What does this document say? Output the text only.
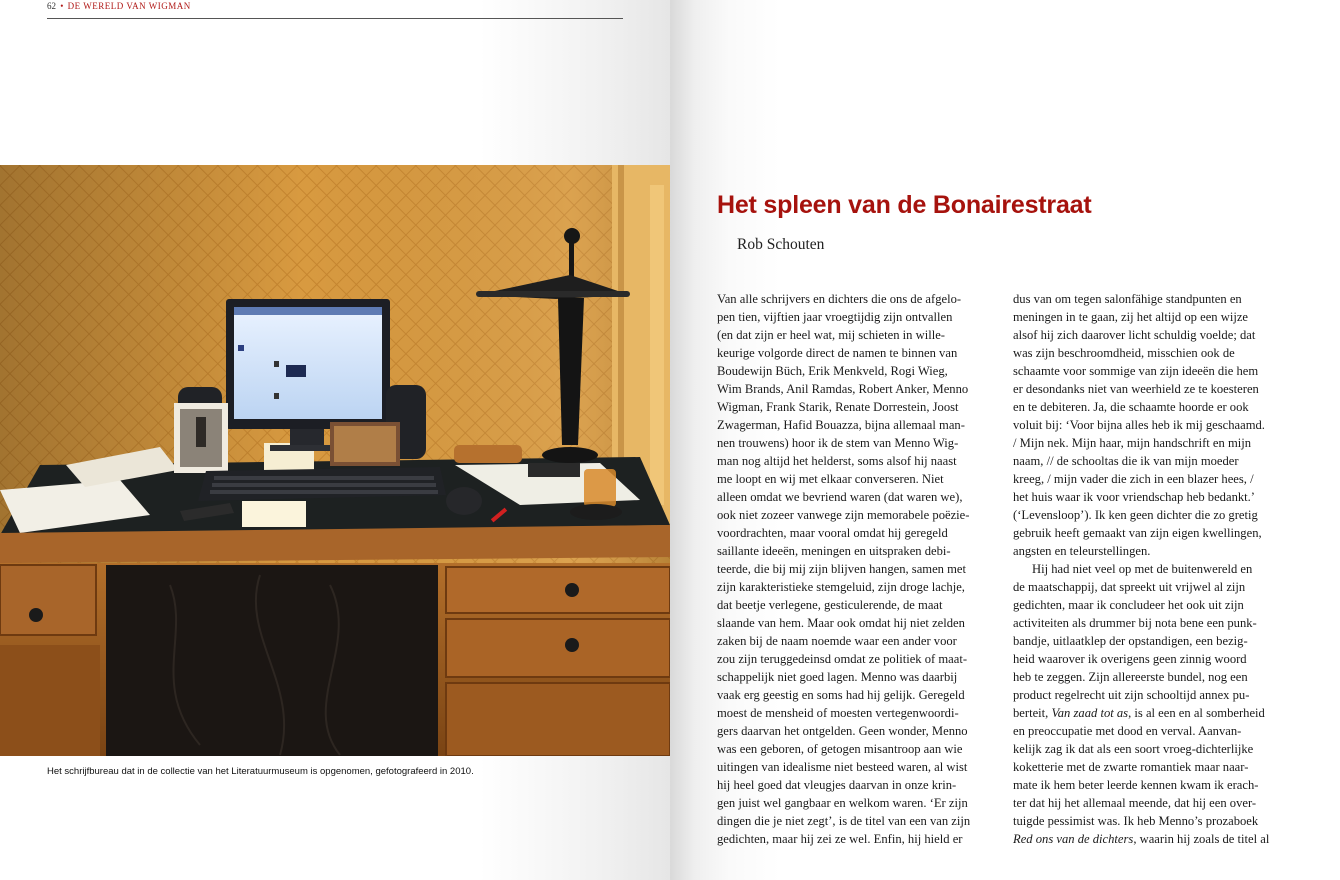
62 • DE WERELD VAN WIGMAN
Het schrijfbureau dat in de collectie van het Literatuurmuseum is opgenomen, gefotografeerd in 2010.
Het spleen van de Bonairestraat
Rob Schouten
Van alle schrijvers en dichters die ons de afgelo-
pen tien, vijftien jaar vroegtijdig zijn ontvallen
(en dat zijn er heel wat, mij schieten in wille-
keurige volgorde direct de namen te binnen van
Boudewijn Büch, Erik Menkveld, Rogi Wieg,
Wim Brands, Anil Ramdas, Robert Anker, Menno
Wigman, Frank Starik, Renate Dorrestein, Joost
Zwagerman, Hafid Bouazza, bijna allemaal man-
nen trouwens) hoor ik de stem van Menno Wig-
man nog altijd het helderst, soms alsof hij naast
me loopt en wij met elkaar converseren. Niet
alleen omdat we bevriend waren (dat waren we),
ook niet zozeer vanwege zijn memorabele poëzie-
voordrachten, maar vooral omdat hij geregeld
saillante ideeën, meningen en uitspraken debi-
teerde, die bij mij zijn blijven hangen, samen met
zijn karakteristieke stemgeluid, zijn droge lachje,
dat beetje verlegene, gesticulerende, de maat
slaande van hem. Maar ook omdat hij niet zelden
zaken bij de naam noemde waar een ander voor
zou zijn teruggedeinsd omdat ze politiek of maat-
schappelijk niet goed lagen. Menno was daarbij
vaak erg geestig en soms had hij gelijk. Geregeld
moest de mensheid of moesten vertegenwoordi-
gers daarvan het ontgelden. Geen wonder, Menno
was een geboren, of getogen misantroop aan wie
uitingen van idealisme niet besteed waren, al wist
hij heel goed dat vleugjes daarvan in onze krin-
gen juist wel gangbaar en welkom waren. ‘Er zijn
dingen die je niet zegt’, is de titel van een van zijn
gedichten, maar hij zei ze wel. Enfin, hij hield er
dus van om tegen salonfähige standpunten en
meningen in te gaan, zij het altijd op een wijze
alsof hij zich daarover licht schuldig voelde; dat
was zijn beschroomdheid, misschien ook de
schaamte voor sommige van zijn ideeën die hem
er desondanks niet van weerhield ze te koesteren
en te debiteren. Ja, die schaamte hoorde er ook
voluit bij: ‘Voor bijna alles heb ik mij geschaamd.
/ Mijn nek. Mijn haar, mijn handschrift en mijn
naam, // de schooltas die ik van mijn moeder
kreeg, / mijn vader die zich in een blazer hees, /
het huis waar ik voor vriendschap heb bedankt.’
(‘Levensloop’). Ik ken geen dichter die zo gretig
gebruik heeft gemaakt van zijn eigen kwellingen,
angsten en teleurstellingen.
Hij had niet veel op met de buitenwereld en
de maatschappij, dat spreekt uit vrijwel al zijn
gedichten, maar ik concludeer het ook uit zijn
activiteiten als drummer bij nota bene een punk-
bandje, uitlaatklep der opstandigen, een bezig-
heid waarover ik overigens geen zinnig woord
heb te zeggen. Zijn allereerste bundel, nog een
product regelrecht uit zijn schooltijd annex pu-
berteit, Van zaad tot as, is al een en al somberheid
en preoccupatie met dood en verval. Aanvan-
kelijk zag ik dat als een soort vroeg-dichterlijke
koketterie met de zwarte romantiek maar naar-
mate ik hem beter leerde kennen kwam ik erach-
ter dat hij het allemaal meende, dat hij een over-
tuigde pessimist was. Ik heb Menno’s prozaboek
Red ons van de dichters, waarin hij zoals de titel al
